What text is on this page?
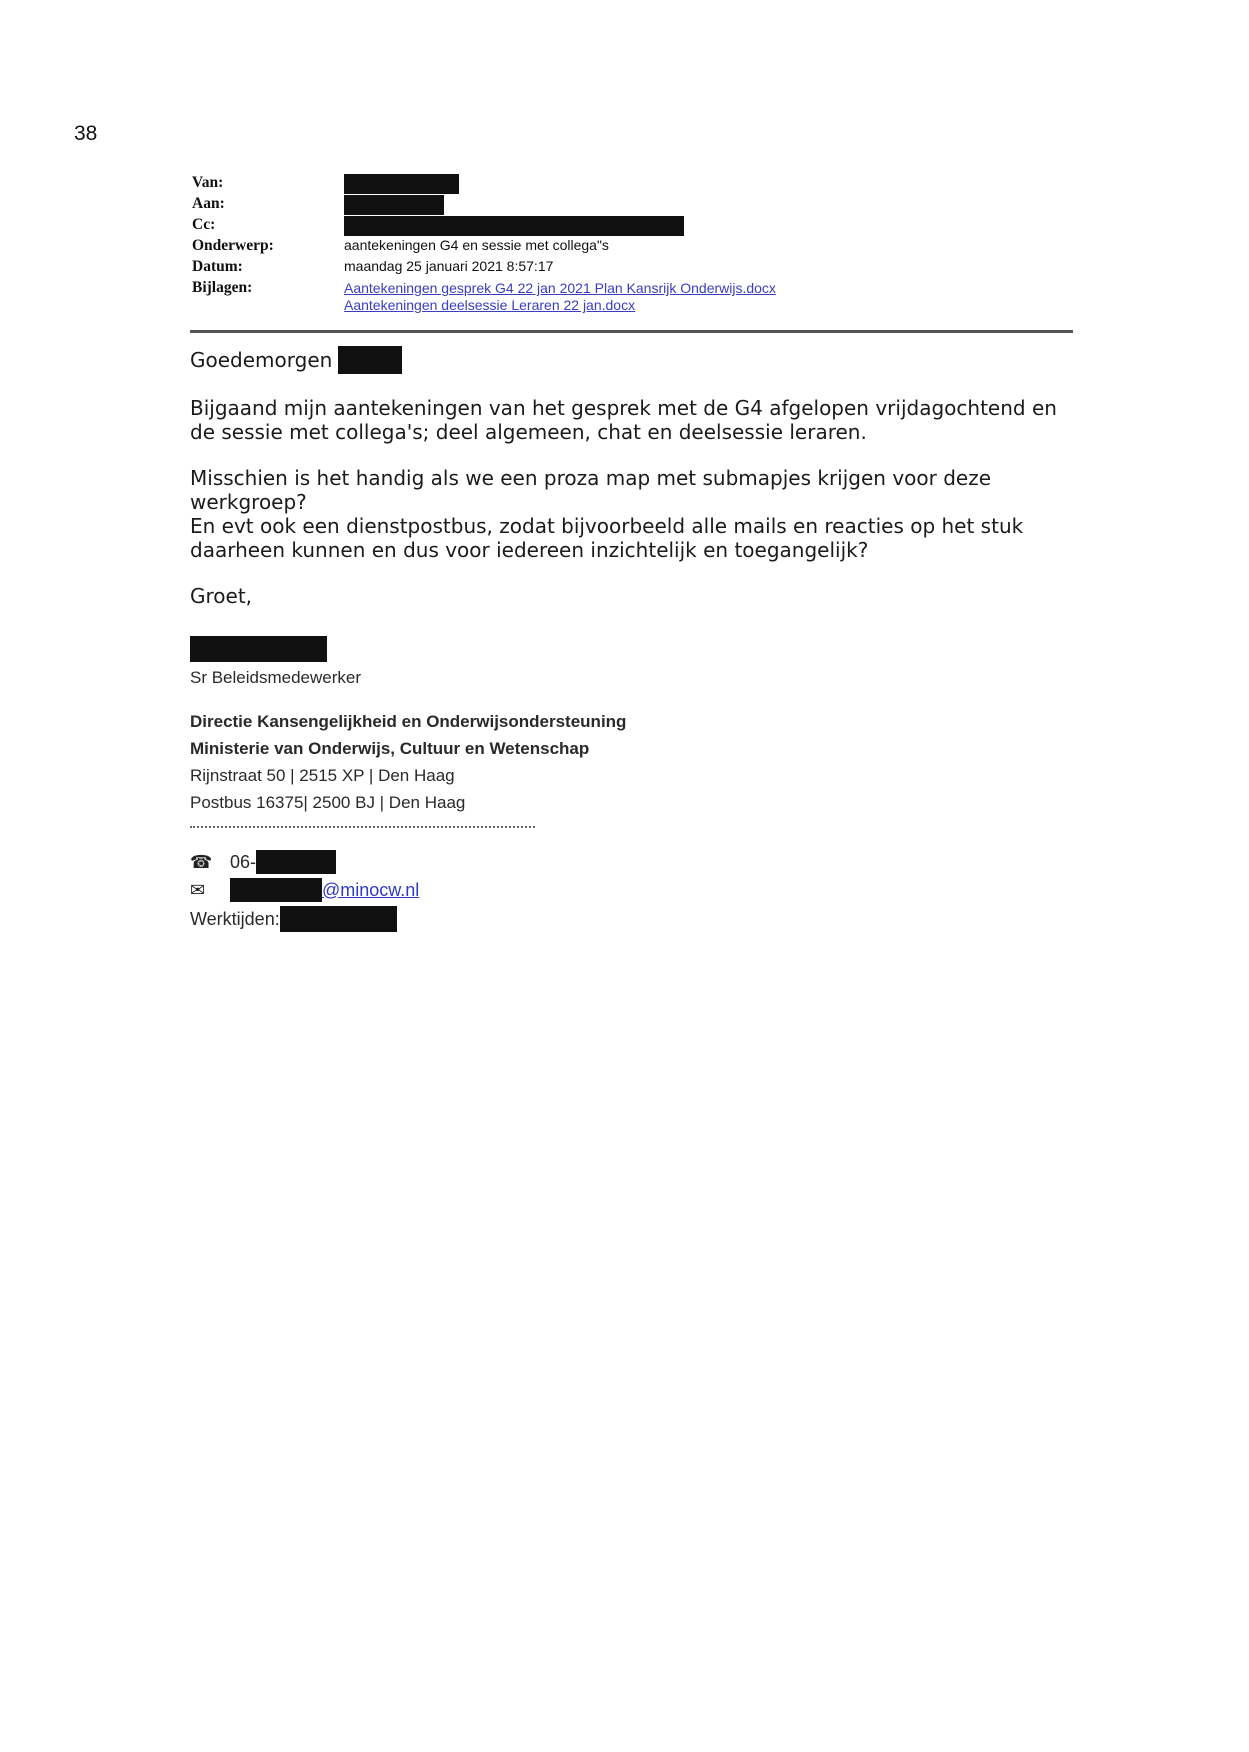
38
Van:
Aan:
Cc:
Onderwerp:	aantekeningen G4 en sessie met collega"s
Datum:	maandag 25 januari 2021 8:57:17
Bijlagen:	Aantekeningen gesprek G4 22 jan 2021 Plan Kansrijk Onderwijs.docx
Aantekeningen deelsessie Leraren 22 jan.docx
Goedemorgen
Bijgaand mijn aantekeningen van het gesprek met de G4 afgelopen vrijdagochtend en de sessie met collega's; deel algemeen, chat en deelsessie leraren.
Misschien is het handig als we een proza map met submapjes krijgen voor deze werkgroep?
En evt ook een dienstpostbus, zodat bijvoorbeeld alle mails en reacties op het stuk daarheen kunnen en dus voor iedereen inzichtelijk en toegangelijk?
Groet,
Sr Beleidsmedewerker
Directie Kansengelijkheid en Onderwijsondersteuning
Ministerie van Onderwijs, Cultuur en Wetenschap
Rijnstraat 50 | 2515 XP | Den Haag
Postbus 16375| 2500 BJ | Den Haag
☎ 06-
✉	@minocw.nl
Werktijden:
